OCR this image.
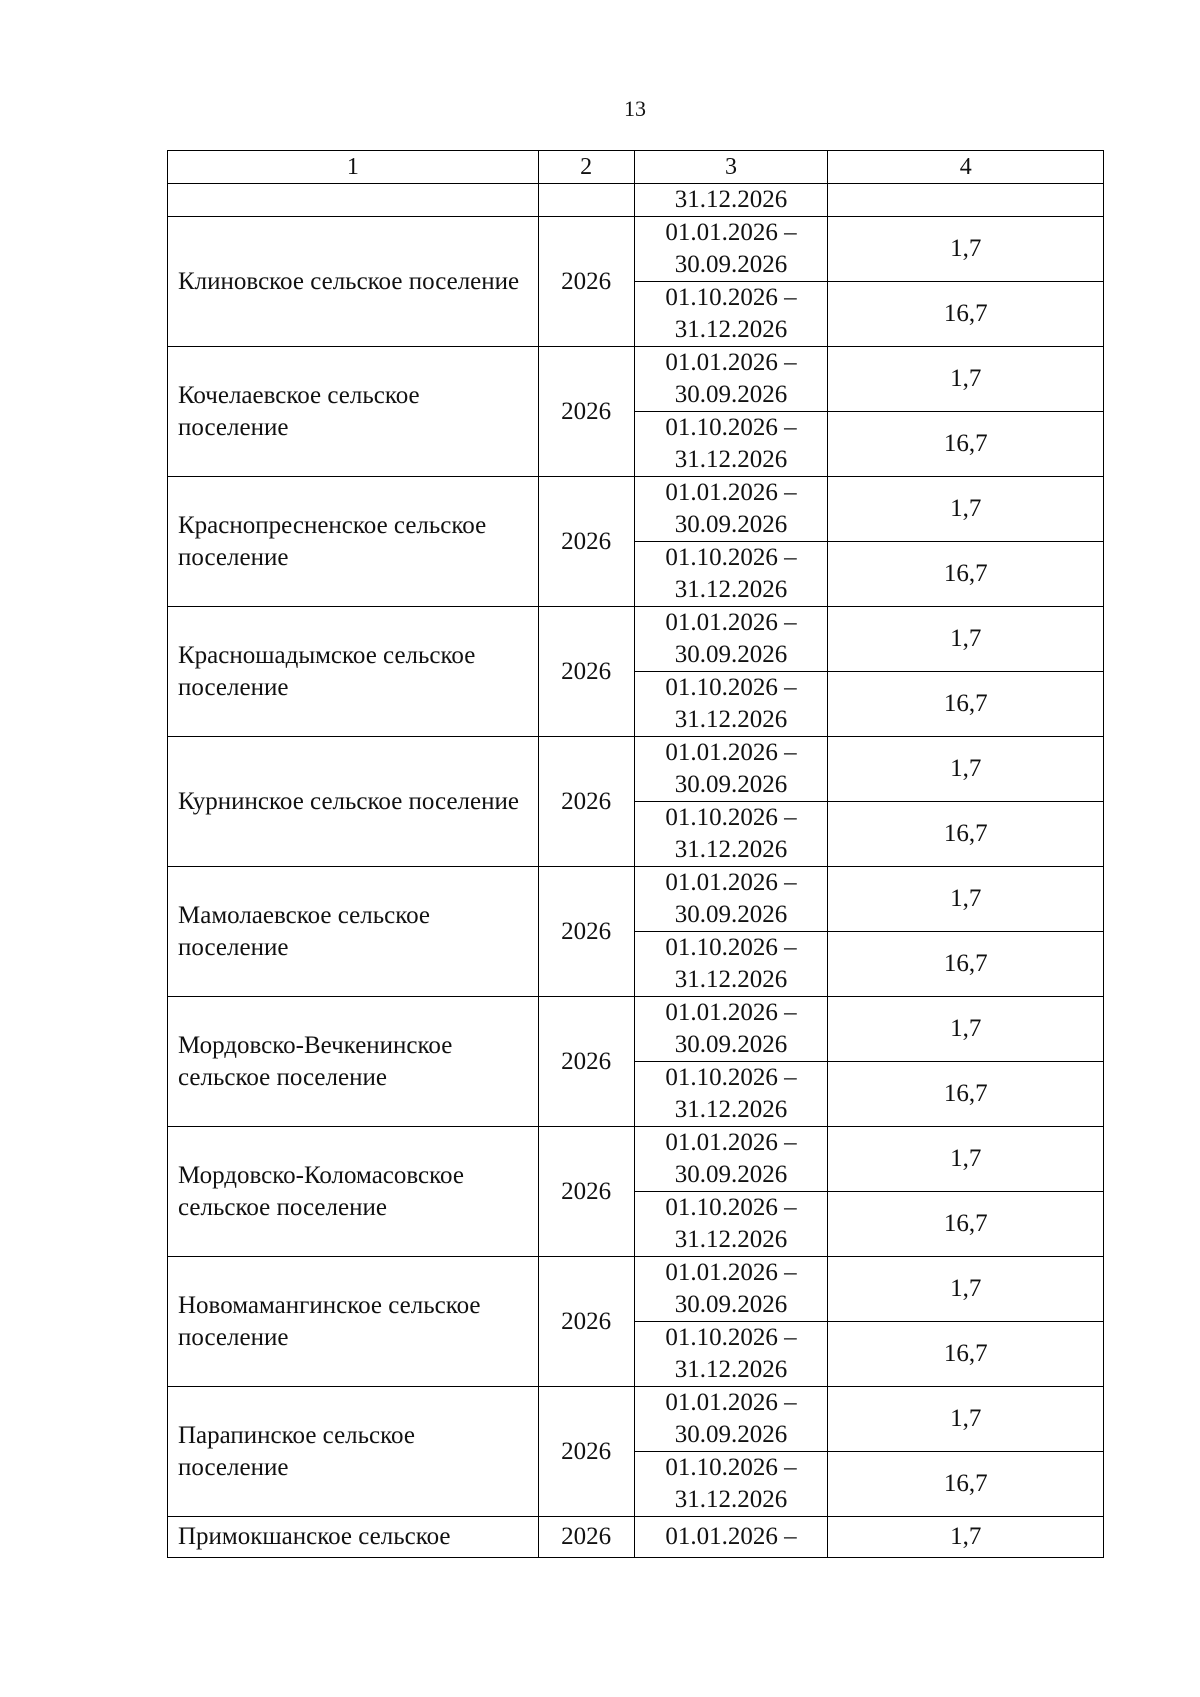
13
1	2	3	4
		31.12.2026	
Клиновское сельское поселение	2026	01.01.2026 – 30.09.2026	1,7
		01.10.2026 – 31.12.2026	16,7
Кочелаевское сельское поселение	2026	01.01.2026 – 30.09.2026	1,7
		01.10.2026 – 31.12.2026	16,7
Краснопресненское сельское поселение	2026	01.01.2026 – 30.09.2026	1,7
		01.10.2026 – 31.12.2026	16,7
Красношадымское сельское поселение	2026	01.01.2026 – 30.09.2026	1,7
		01.10.2026 – 31.12.2026	16,7
Курнинское сельское поселение	2026	01.01.2026 – 30.09.2026	1,7
		01.10.2026 – 31.12.2026	16,7
Мамолаевское сельское поселение	2026	01.01.2026 – 30.09.2026	1,7
		01.10.2026 – 31.12.2026	16,7
Мордовско-Вечкенинское сельское поселение	2026	01.01.2026 – 30.09.2026	1,7
		01.10.2026 – 31.12.2026	16,7
Мордовско-Коломасовское сельское поселение	2026	01.01.2026 – 30.09.2026	1,7
		01.10.2026 – 31.12.2026	16,7
Новомамангинское сельское поселение	2026	01.01.2026 – 30.09.2026	1,7
		01.10.2026 – 31.12.2026	16,7
Парапинское сельское поселение	2026	01.01.2026 – 30.09.2026	1,7
		01.10.2026 – 31.12.2026	16,7
Примокшанское сельское	2026	01.01.2026 –	1,7
